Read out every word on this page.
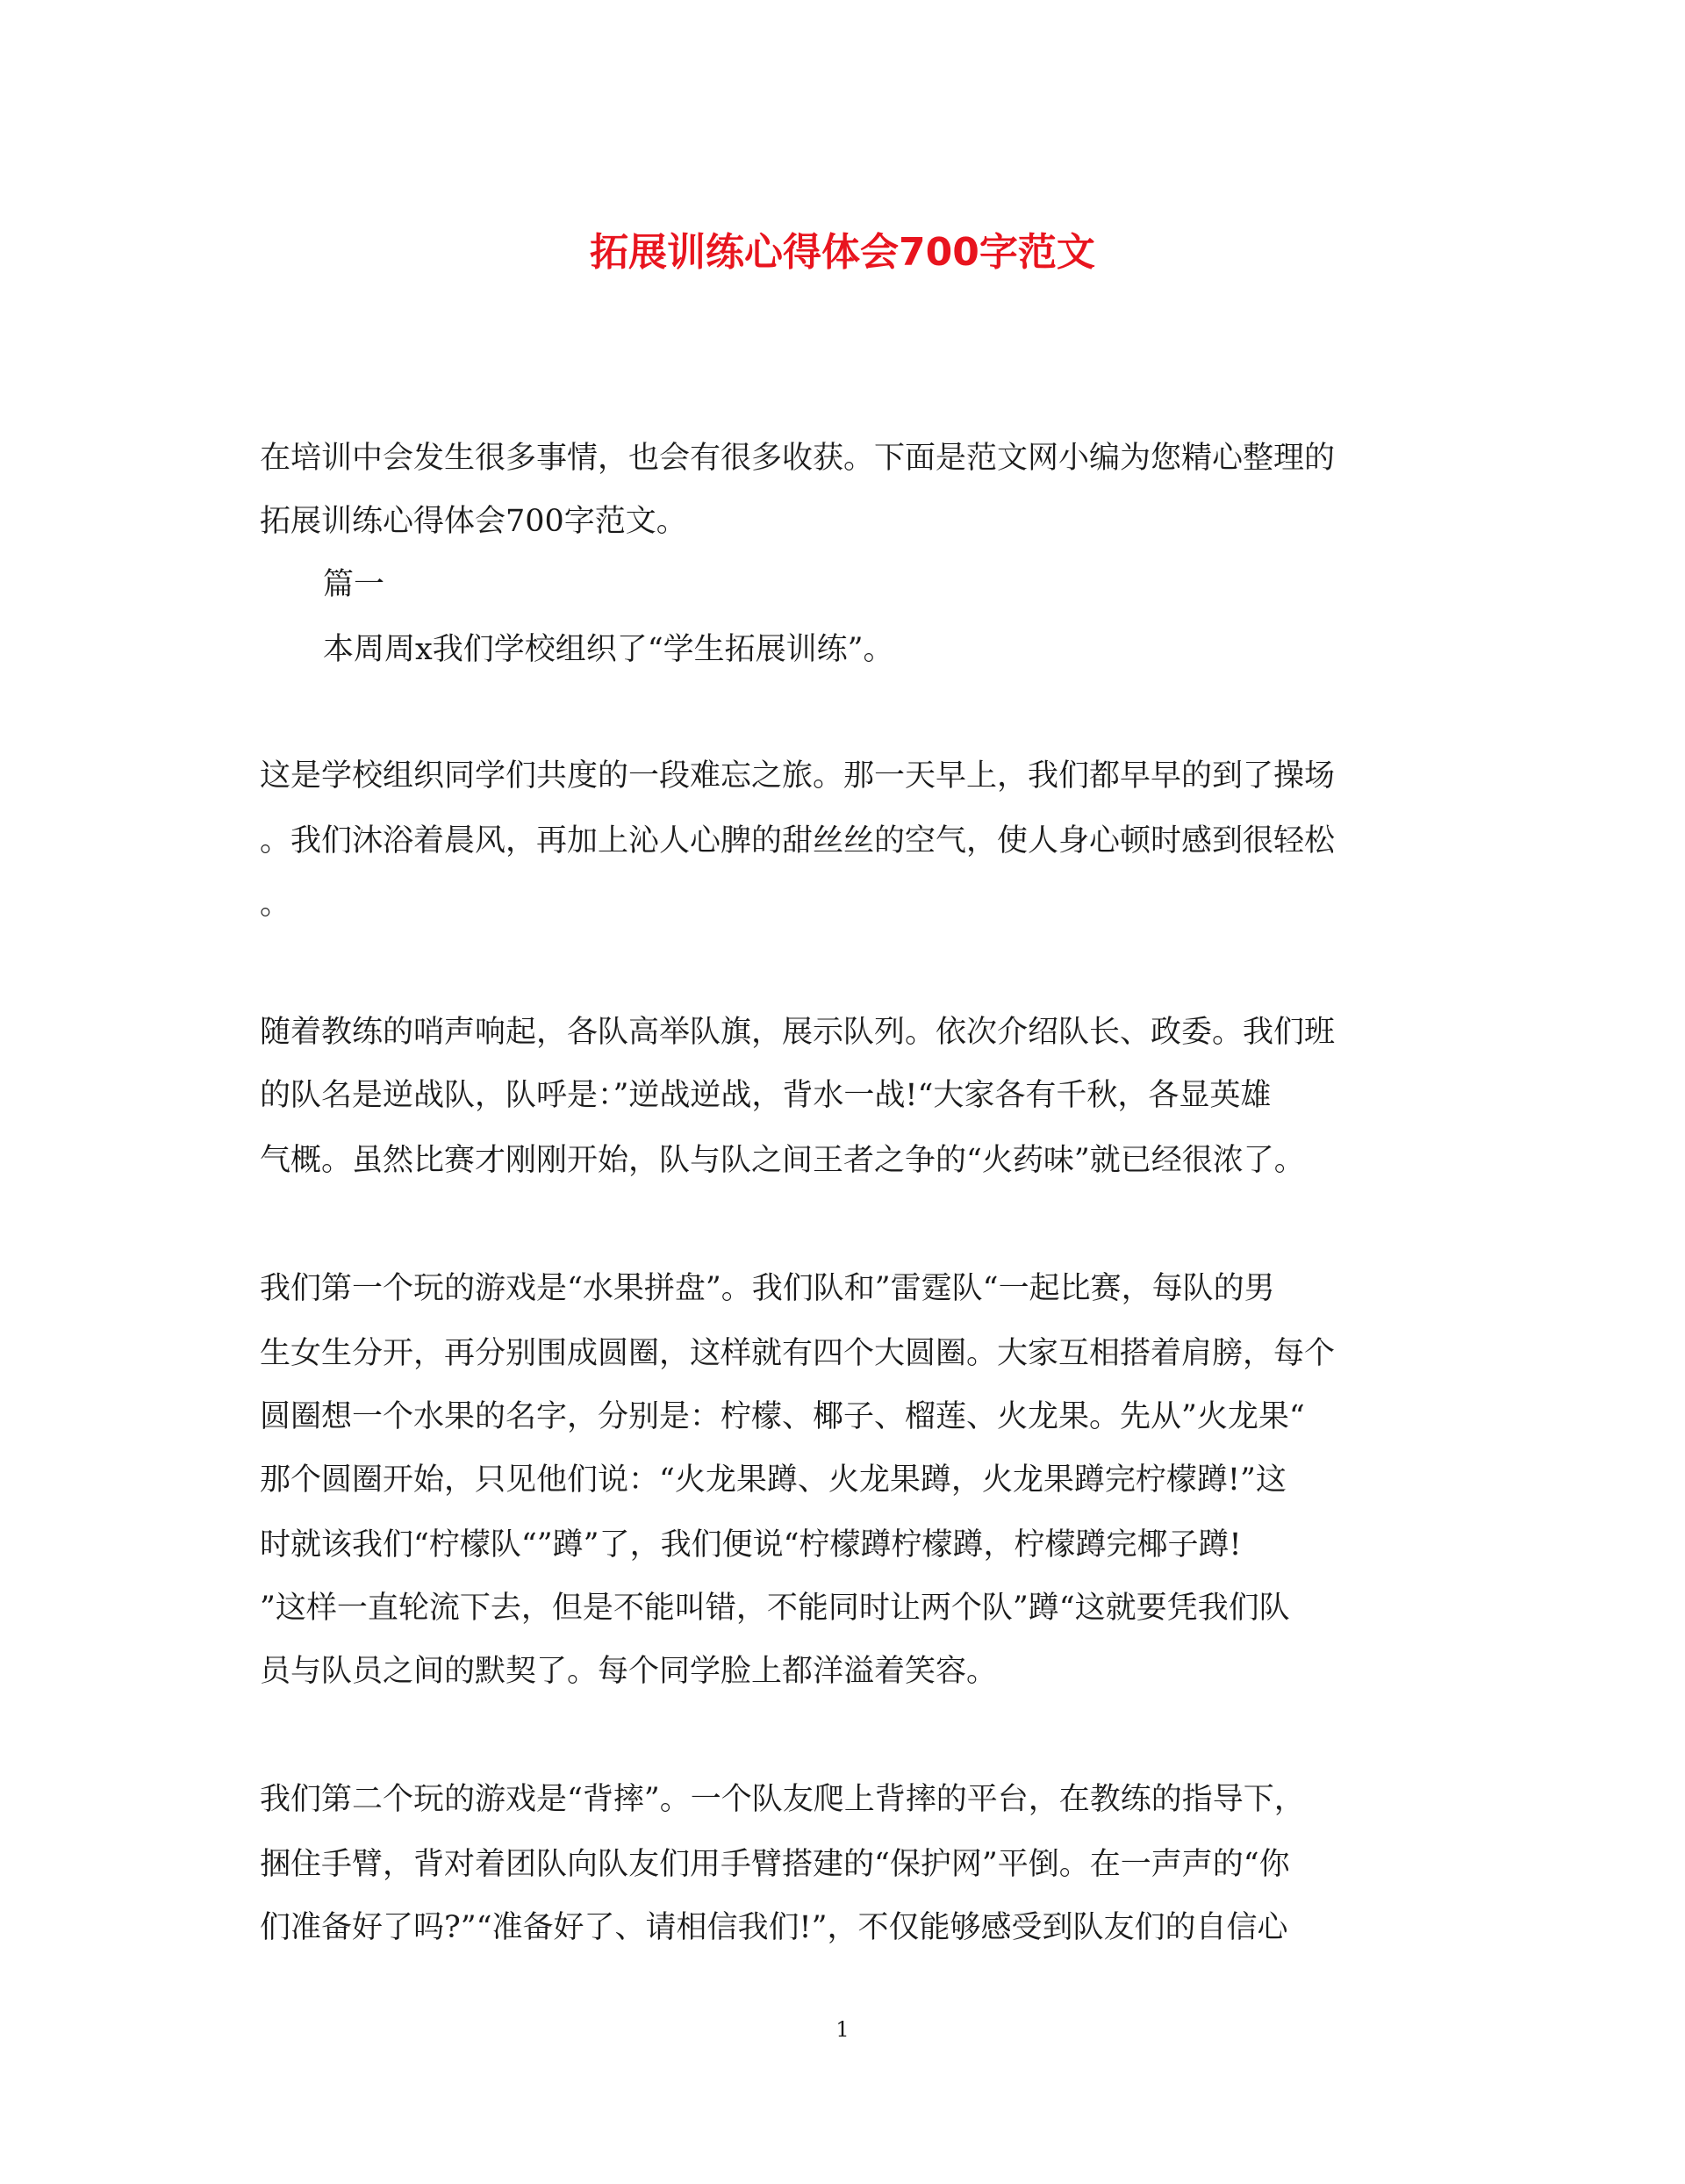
拓展训练心得体会700字范文
在培训中会发生很多事情，也会有很多收获。下面是范文网小编为您精心整理的
拓展训练心得体会700字范文。
篇一
本周周x我们学校组织了“学生拓展训练”。
这是学校组织同学们共度的一段难忘之旅。那一天早上，我们都早早的到了操场
。我们沐浴着晨风，再加上沁人心脾的甜丝丝的空气，使人身心顿时感到很轻松
。
随着教练的哨声响起，各队高举队旗，展示队列。依次介绍队长、政委。我们班
的队名是逆战队，队呼是：”逆战逆战，背水一战!“大家各有千秋，各显英雄
气概。虽然比赛才刚刚开始，队与队之间王者之争的“火药味”就已经很浓了。
我们第一个玩的游戏是“水果拼盘”。我们队和”雷霆队“一起比赛，每队的男
生女生分开，再分别围成圆圈，这样就有四个大圆圈。大家互相搭着肩膀，每个
圆圈想一个水果的名字，分别是：柠檬、椰子、榴莲、火龙果。先从”火龙果“
那个圆圈开始，只见他们说：“火龙果蹲、火龙果蹲，火龙果蹲完柠檬蹲!”这
时就该我们“柠檬队“”蹲”了，我们便说“柠檬蹲柠檬蹲，柠檬蹲完椰子蹲!
”这样一直轮流下去，但是不能叫错，不能同时让两个队”蹲“这就要凭我们队
员与队员之间的默契了。每个同学脸上都洋溢着笑容。
我们第二个玩的游戏是“背摔”。一个队友爬上背摔的平台，在教练的指导下，
捆住手臂，背对着团队向队友们用手臂搭建的“保护网”平倒。在一声声的“你
们准备好了吗?”“准备好了、请相信我们!”，不仅能够感受到队友们的自信心
1
